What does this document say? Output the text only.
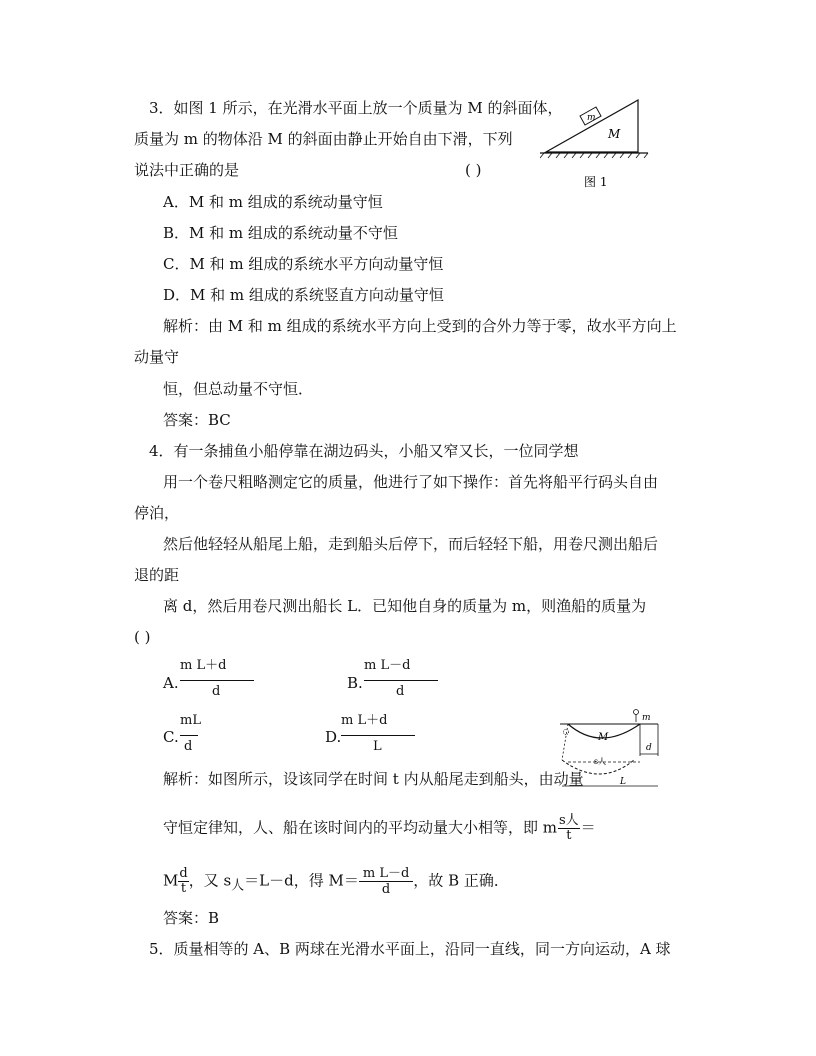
3．如图 1 所示，在光滑水平面上放一个质量为 M 的斜面体，
质量为 m 的物体沿 M 的斜面由静止开始自由下滑，下列
说法中正确的是	( )
m
M
图 1
A．M 和 m 组成的系统动量守恒
B．M 和 m 组成的系统动量不守恒
C．M 和 m 组成的系统水平方向动量守恒
D．M 和 m 组成的系统竖直方向动量守恒
解析：由 M 和 m 组成的系统水平方向上受到的合外力等于零，故水平方向上
动量守
恒，但总动量不守恒．
答案：BC
4．有一条捕鱼小船停靠在湖边码头，小船又窄又长，一位同学想
用一个卷尺粗略测定它的质量，他进行了如下操作：首先将船平行码头自由
停泊，
然后他轻轻从船尾上船，走到船头后停下，而后轻轻下船，用卷尺测出船后
退的距
离 d，然后用卷尺测出船长 L．已知他自身的质量为 m，则渔船的质量为
( )
A.
m L＋d
d	B.
m L－d
d
C.
mL
d
D.
m L＋d
L
m
M
d
s人
L
解析：如图所示，设该同学在时间 t 内从船尾走到船头，由动量
守恒定律知，人、船在该时间内的平均动量大小相等，即 m s人
t ＝
M $\frac{d}{t}$ ，又 $s_人=L-d$，得 $M= \frac{\text{m L－d}}{d}$ ，故 B 正确．
答案：B
5．质量相等的 A、B 两球在光滑水平面上，沿同一直线，同一方向运动，A 球
